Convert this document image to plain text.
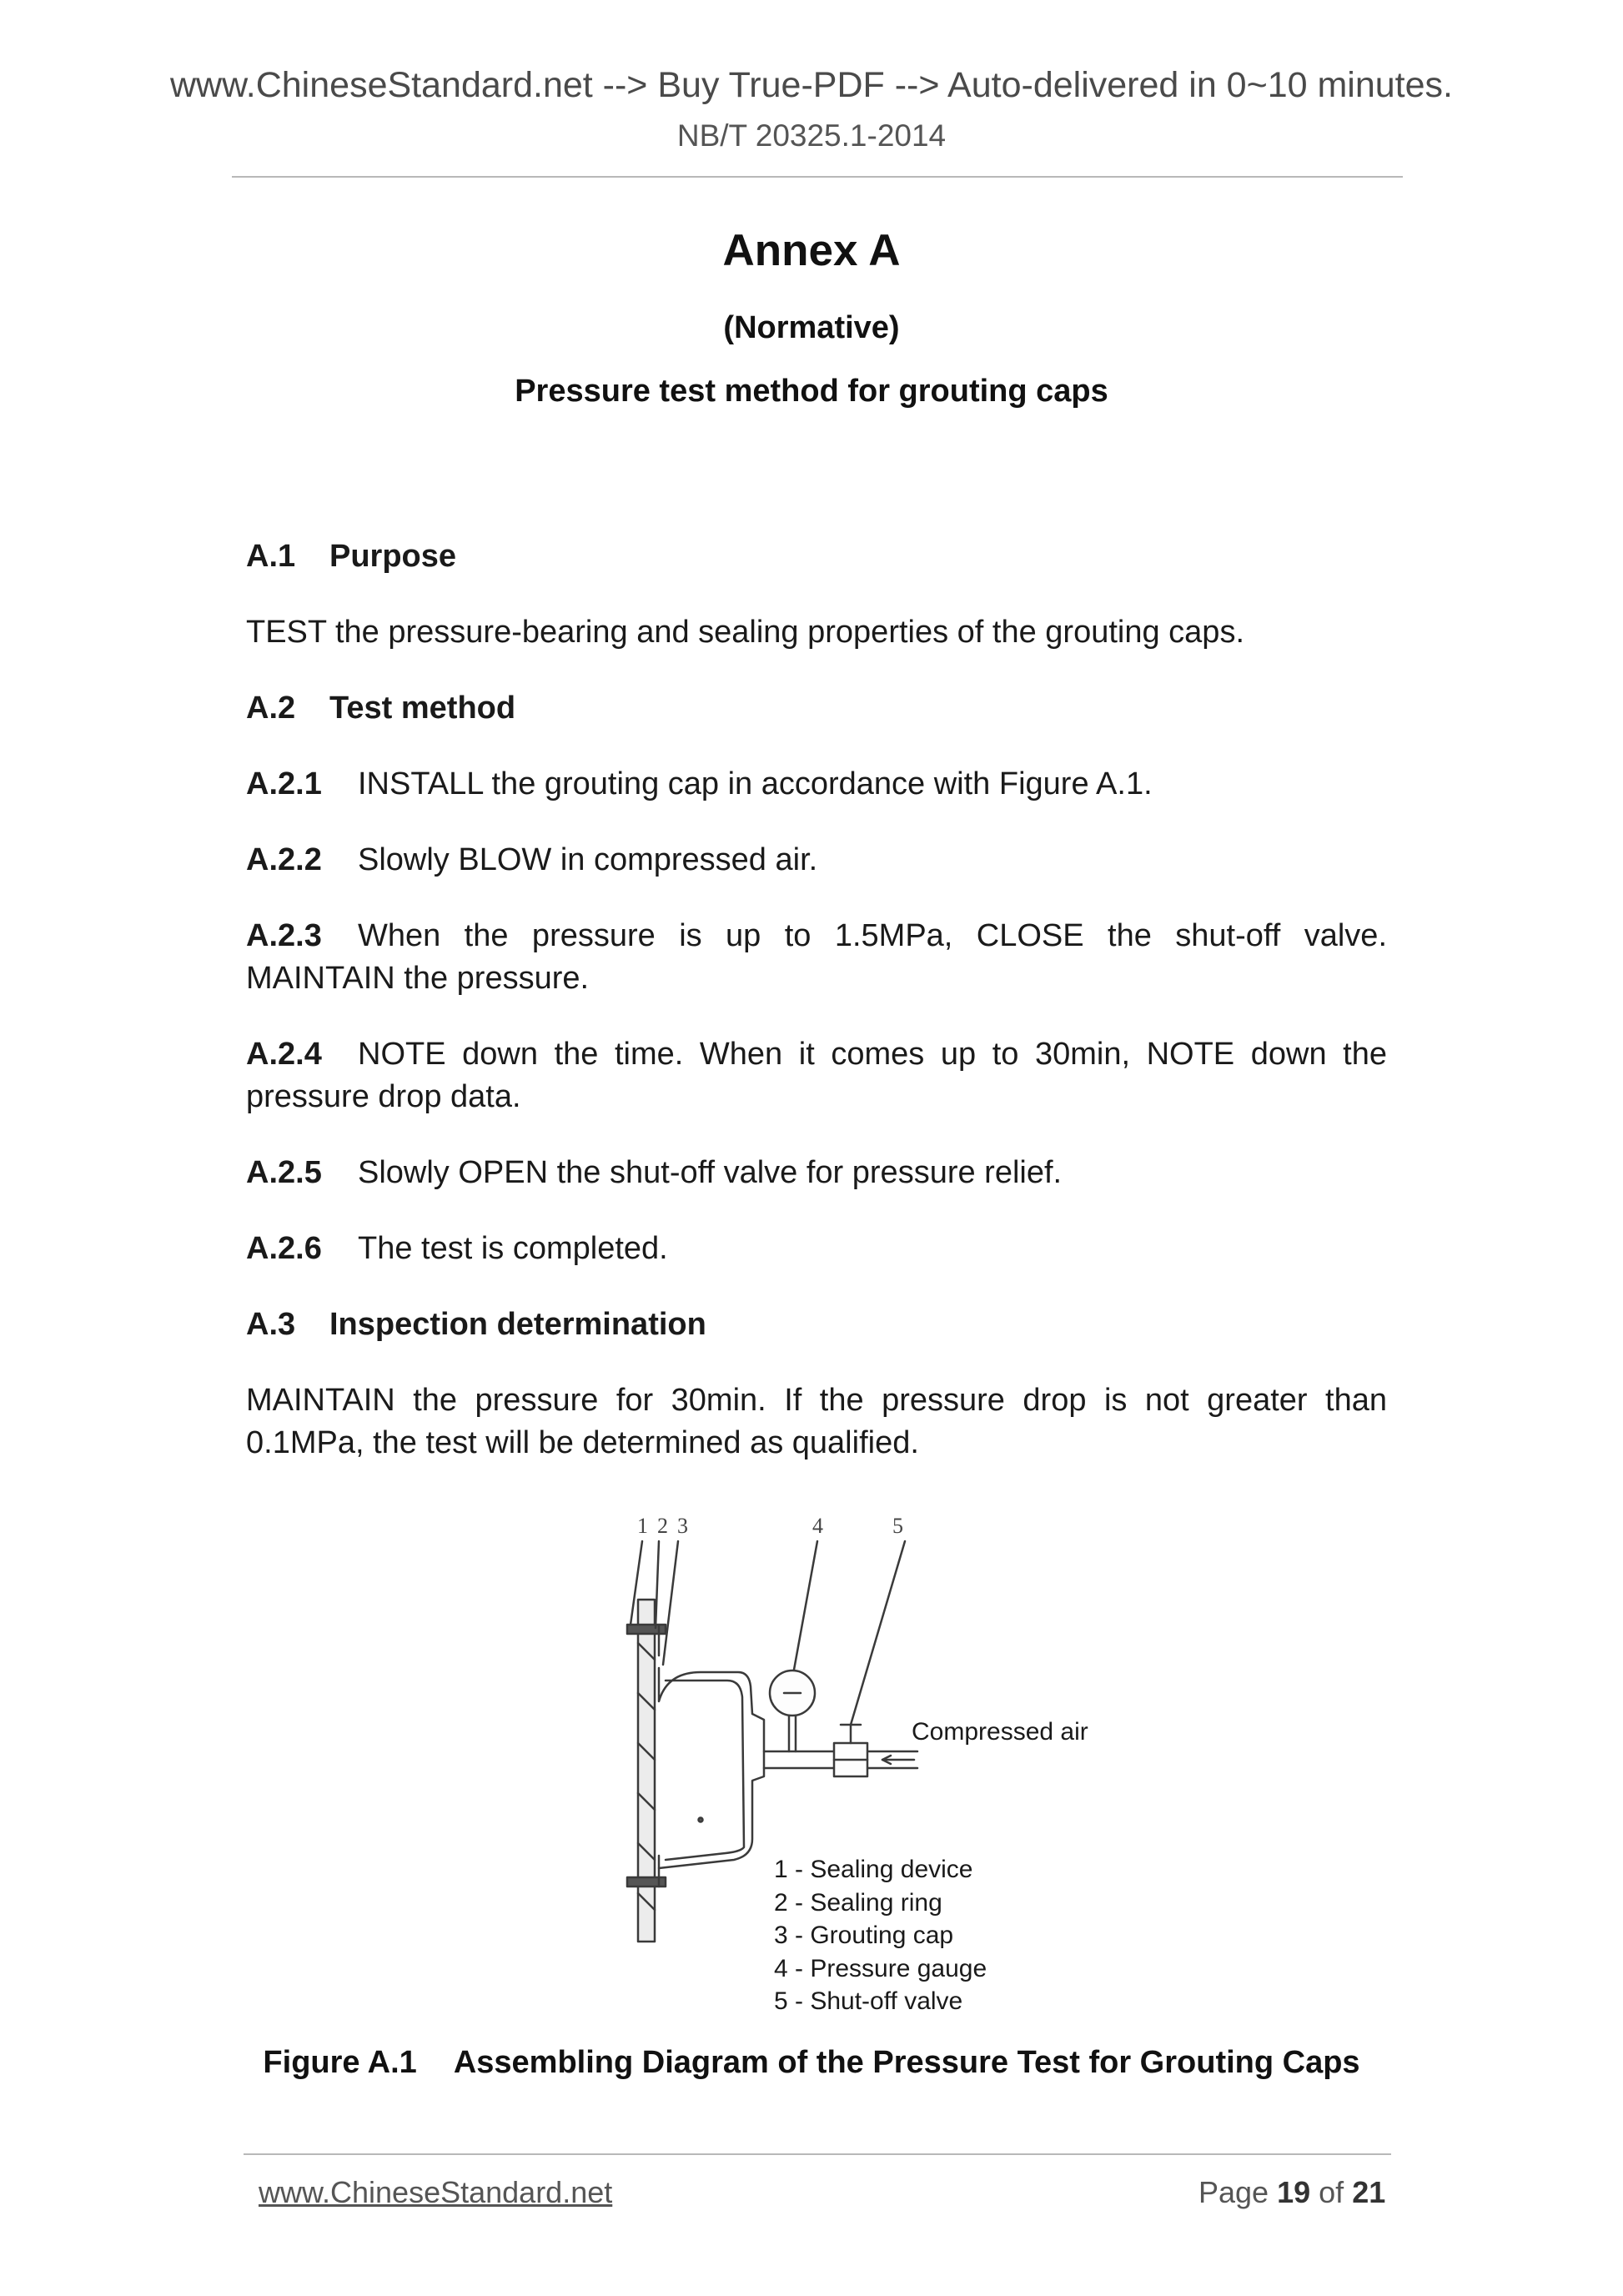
www.ChineseStandard.net --> Buy True-PDF --> Auto-delivered in 0~10 minutes.
NB/T 20325.1-2014
Annex A
(Normative)
Pressure test method for grouting caps
A.1 Purpose
TEST the pressure-bearing and sealing properties of the grouting caps.
A.2 Test method
A.2.1 INSTALL the grouting cap in accordance with Figure A.1.
A.2.2 Slowly BLOW in compressed air.
A.2.3 When the pressure is up to 1.5MPa, CLOSE the shut-off valve. MAINTAIN the pressure.
A.2.4 NOTE down the time. When it comes up to 30min, NOTE down the pressure drop data.
A.2.5 Slowly OPEN the shut-off valve for pressure relief.
A.2.6 The test is completed.
A.3 Inspection determination
MAINTAIN the pressure for 30min. If the pressure drop is not greater than 0.1MPa, the test will be determined as qualified.
1 2 3	4	5
Compressed air
1 - Sealing device
2 - Sealing ring
3 - Grouting cap
4 - Pressure gauge
5 - Shut-off valve
Figure A.1 Assembling Diagram of the Pressure Test for Grouting Caps
www.ChineseStandard.net	Page 19 of 21
